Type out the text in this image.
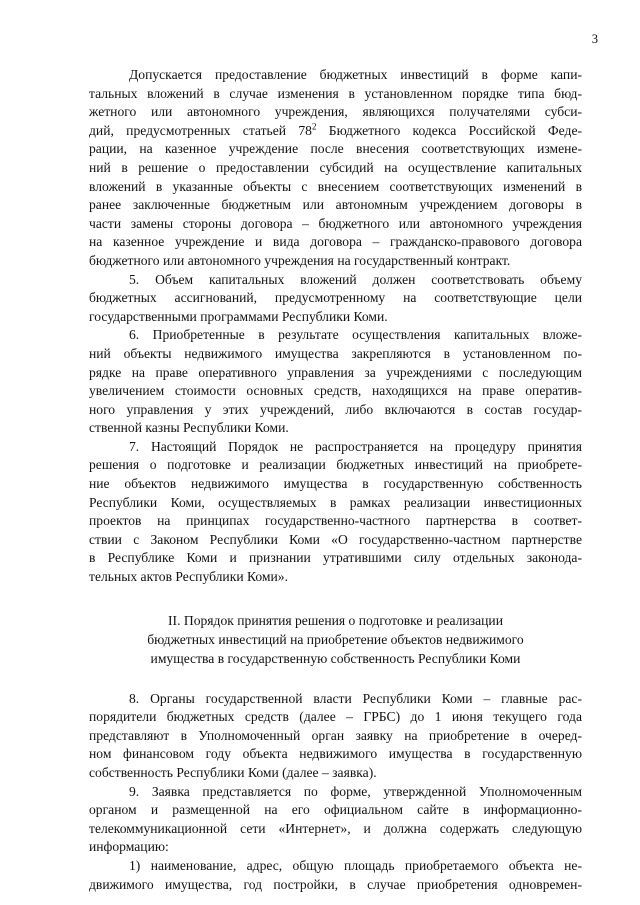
3

Допускается предоставление бюджетных инвестиций в форме капи-
тальных вложений в случае изменения в установленном порядке типа бюд-
жетного или автономного учреждения, являющихся получателями субси-
дий, предусмотренных статьей $78^2$ Бюджетного кодекса Российской Феде-
рации, на казенное учреждение после внесения соответствующих измене-
ний в решение о предоставлении субсидий на осуществление капитальных
вложений в указанные объекты с внесением соответствующих изменений в
ранее заключенные бюджетным или автономным учреждением договоры в
части замены стороны договора – бюджетного или автономного учреждения
на казенное учреждение и вида договора – гражданско-правового договора
бюджетного или автономного учреждения на государственный контракт.

5. Объем капитальных вложений должен соответствовать объему
бюджетных ассигнований, предусмотренному на соответствующие цели
государственными программами Республики Коми.

6. Приобретенные в результате осуществления капитальных вложе-
ний объекты недвижимого имущества закрепляются в установленном по-
рядке на праве оперативного управления за учреждениями с последующим
увеличением стоимости основных средств, находящихся на праве оператив-
ного управления у этих учреждений, либо включаются в состав государ-
ственной казны Республики Коми.

7. Настоящий Порядок не распространяется на процедуру принятия
решения о подготовке и реализации бюджетных инвестиций на приобрете-
ние объектов недвижимого имущества в государственную собственность
Республики Коми, осуществляемых в рамках реализации инвестиционных
проектов на принципах государственно-частного партнерства в соответ-
ствии с Законом Республики Коми «О государственно-частном партнерстве
в Республике Коми и признании утратившими силу отдельных законода-
тельных актов Республики Коми».

II. Порядок принятия решения о подготовке и реализации
бюджетных инвестиций на приобретение объектов недвижимого
имущества в государственную собственность Республики Коми

8. Органы государственной власти Республики Коми – главные рас-
порядители бюджетных средств (далее – ГРБС) до 1 июня текущего года
представляют в Уполномоченный орган заявку на приобретение в очеред-
ном финансовом году объекта недвижимого имущества в государственную
собственность Республики Коми (далее – заявка).

9. Заявка представляется по форме, утвержденной Уполномоченным
органом и размещенной на его официальном сайте в информационно-
телекоммуникационной сети «Интернет», и должна содержать следующую
информацию:

1) наименование, адрес, общую площадь приобретаемого объекта не-
движимого имущества, год постройки, в случае приобретения одновремен-
